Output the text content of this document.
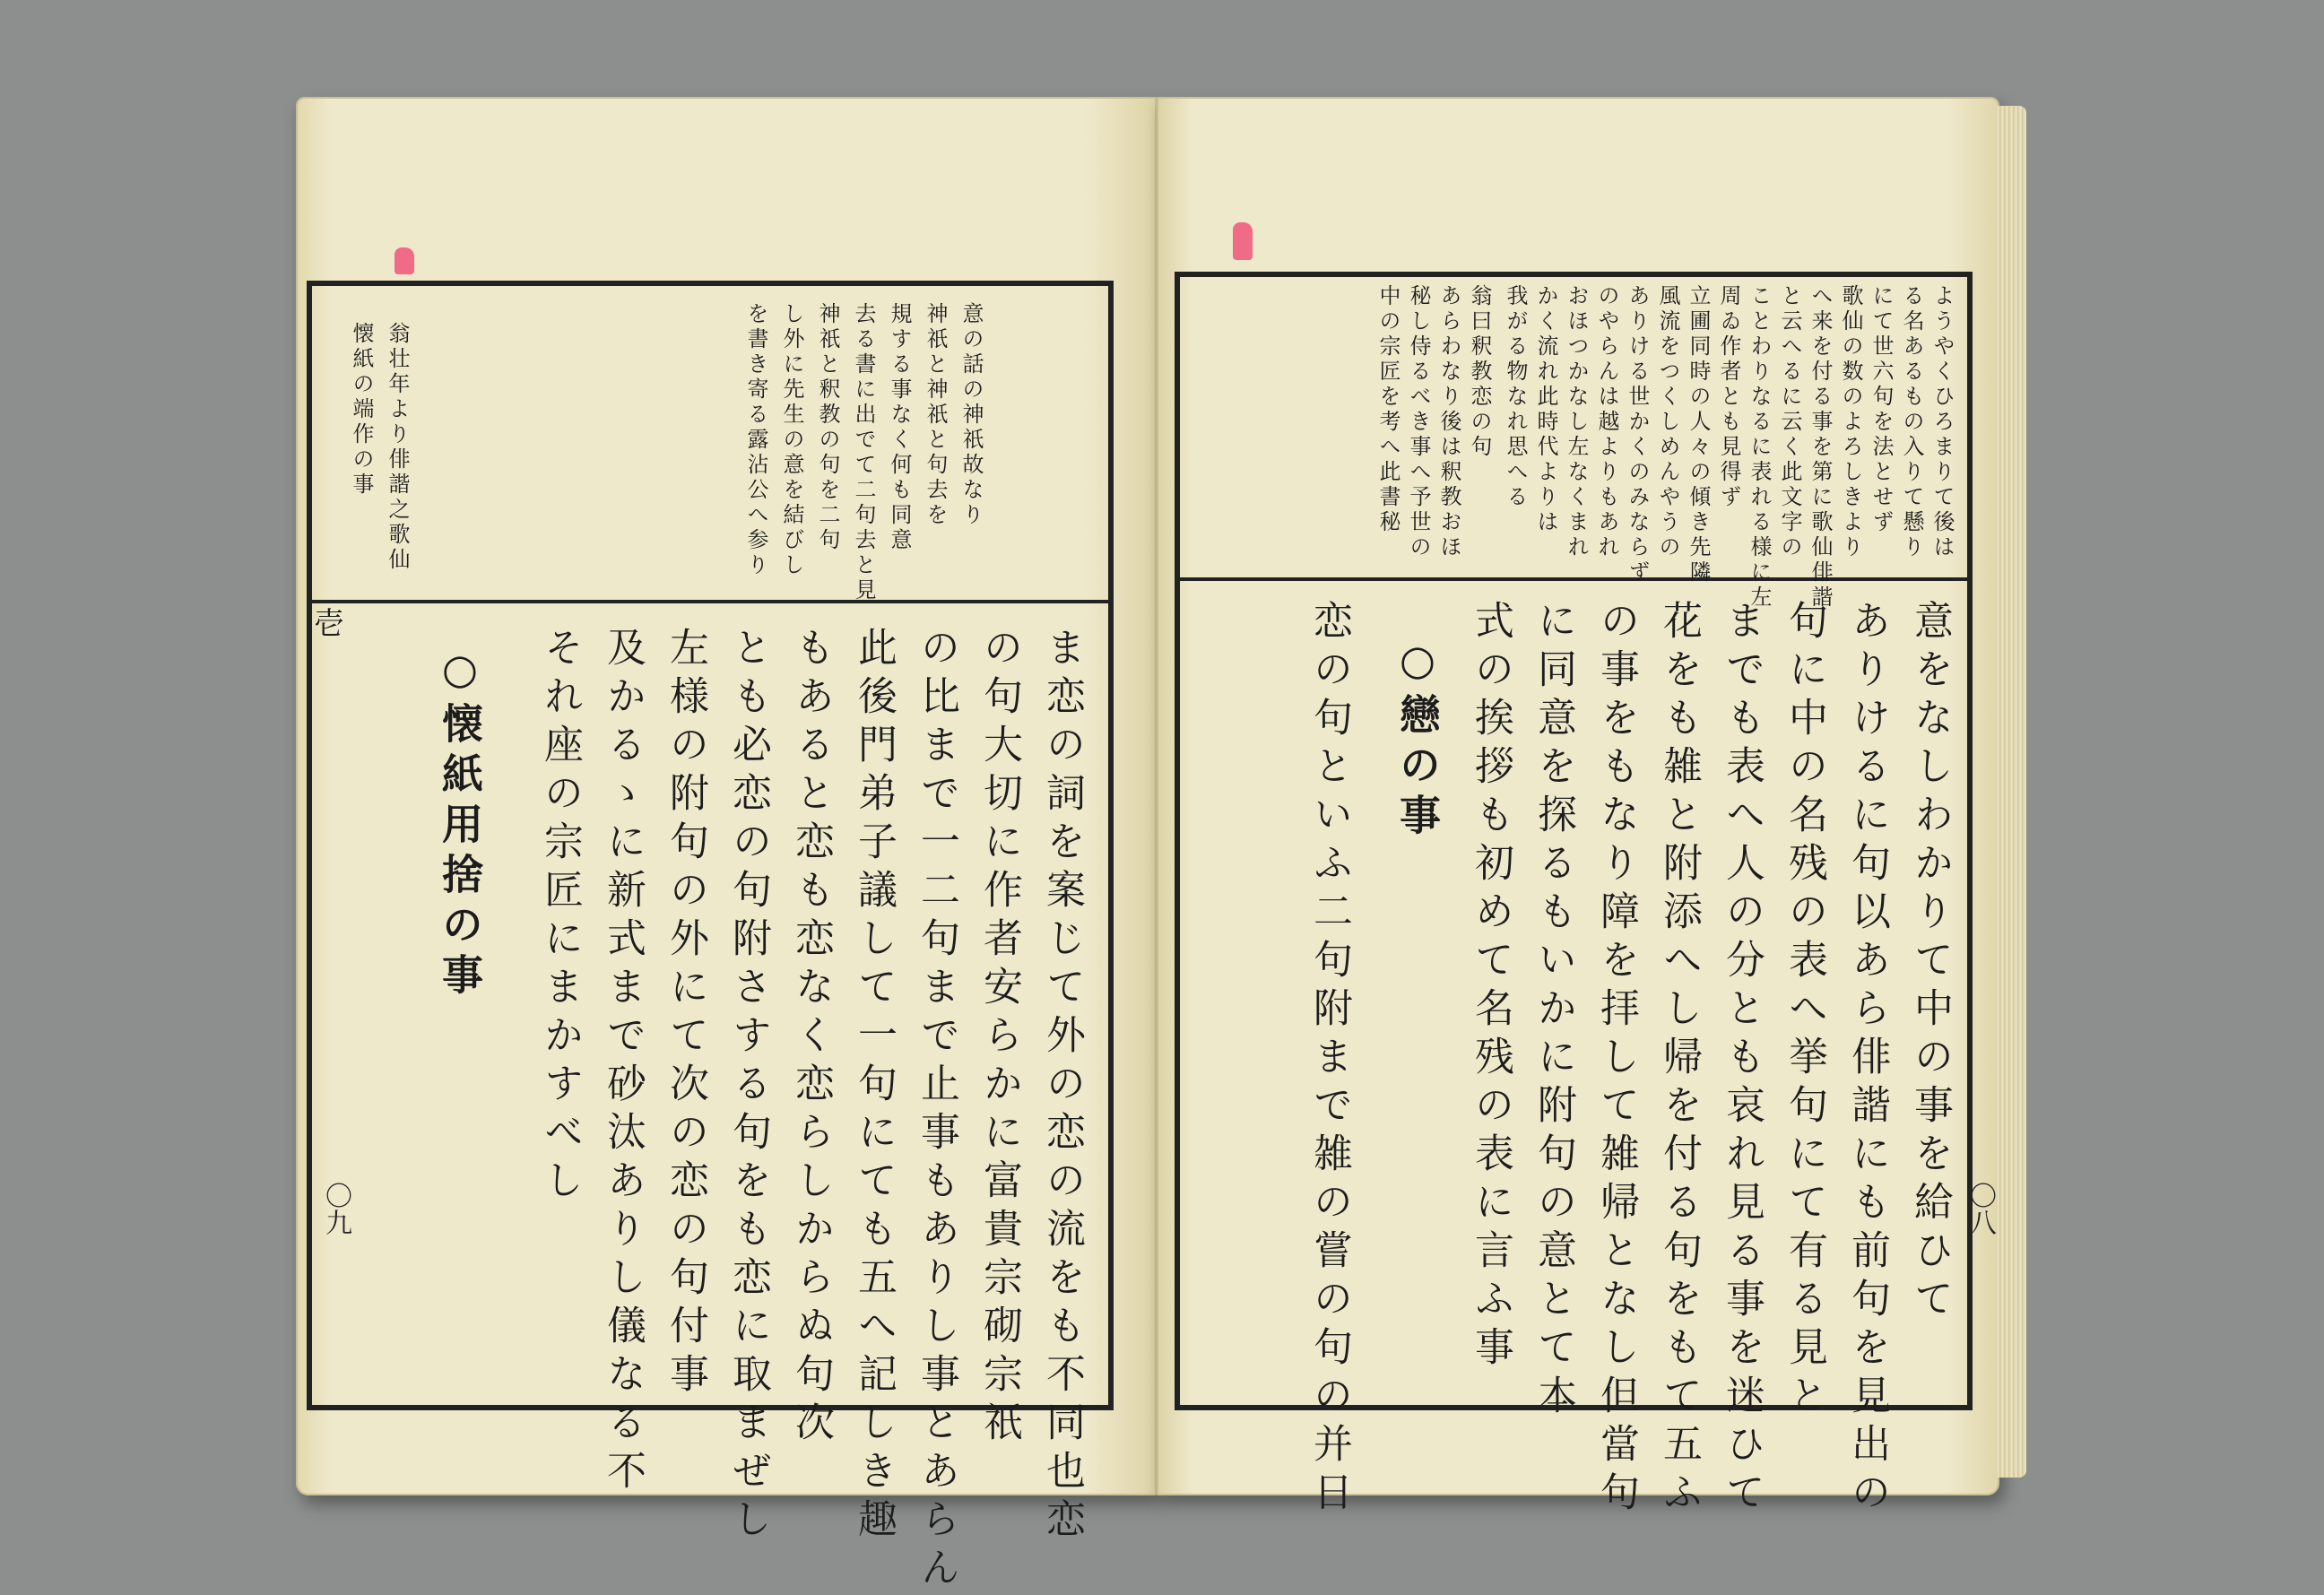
意の話の神祇故なり
神祇と神祇と句去を
規する事なく何も同意
去る書に出でて二句去と見
神祇と釈教の句を二句
し外に先生の意を結びし
を書き寄る露沾公へ参り
翁壮年より俳諧之歌仙
懐紙の端作の事
ま恋の詞を案じて外の恋の流をも不同也恋
の句大切に作者安らかに富貴宗砌宗祇
の比まで一二句まで止事もありし事とあらん
此後門弟子議して一句にても五へ記しき趣
もあると恋も恋なく恋らしからぬ句次
とも必恋の句附さする句をも恋に取まぜし
左様の附句の外にて次の恋の句付事
及かるゝに新式まで砂汰ありし儀なる不
それ座の宗匠にまかすべし
○懐紙用捨の事
壱
〇九
ようやくひろまりて後は
る名あるもの入りて懸り
にて世六句を法とせず
歌仙の数のよろしきより
へ来を付る事を第に歌仙俳諧
と云へるに云く此文字の
ことわりなるに表れる様に左
周ゐ作者とも見得ず
立圃同時の人々の傾き先隣
風流をつくしめんやうの
ありける世かくのみならず
のやらんは越よりもあれ
おほつかなし左なくまれ
かく流れ此時代よりは
我がる物なれ思へる
翁曰釈教恋の句
あらわなり後は釈教おほ
秘し侍るべき事へ予世の
中の宗匠を考へ此書秘
意をなしわかりて中の事を給ひて
ありけるに句以あら俳諧にも前句を見出の
句に中の名残の表へ挙句にて有る見と
までも表へ人の分とも哀れ見る事を迷ひて
花をも雑と附添へし帰を付る句をもて五ふ
の事をもなり障を拝して雑帰となし但當句
に同意を探るもいかに附句の意とて本
式の挨拶も初めて名残の表に言ふ事
○戀の事
恋の句といふ二句附まで雑の嘗の句の并日	〇八
